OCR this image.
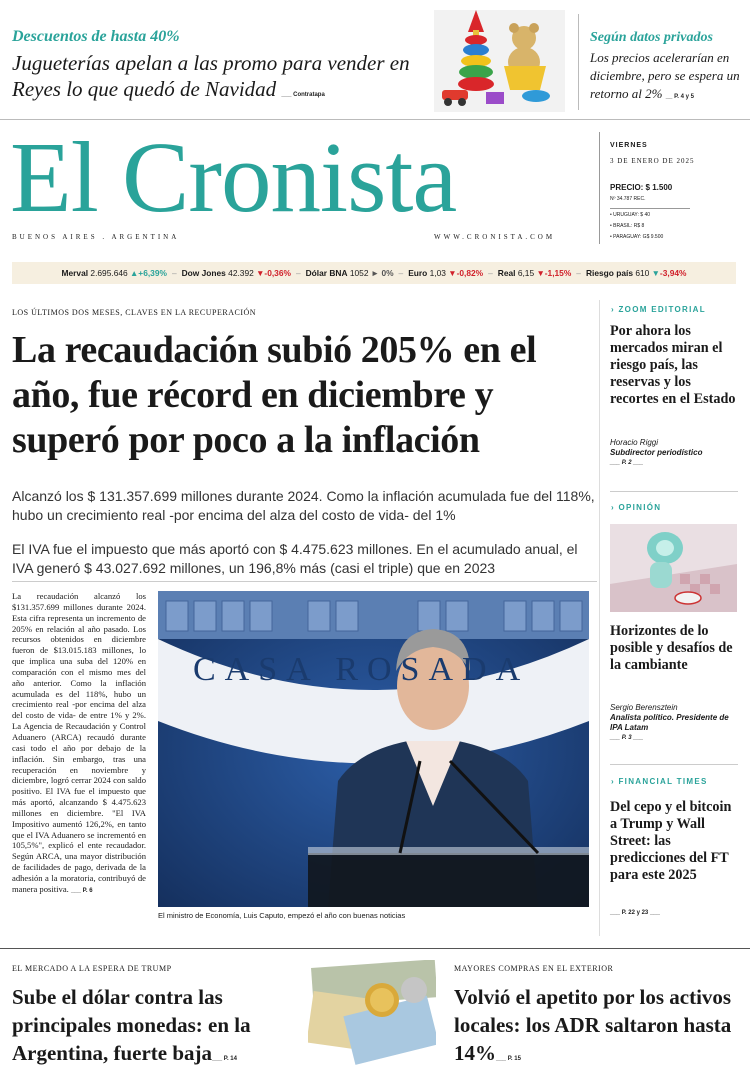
Descuentos de hasta 40%
Jugueterías apelan a las promo para vender en Reyes lo que quedó de Navidad ___ Contratapa
Según datos privados
Los precios acelerarían en diciembre, pero se espera un retorno al 2% __ P. 4 y 5
El Cronista
BUENOS AIRES . ARGENTINA	WWW.CRONISTA.COM
VIERNES
3 DE ENERO DE 2025
PRECIO: $ 1.500
Nº 34.787 REC.
• URUGUAY: $ 40
• BRASIL: R$ 8
• PARAGUAY: G$ 9.500
Merval 2.695.646 ▲+6,39% – Dow Jones 42.392 ▼-0,36% – Dólar BNA 1052 ► 0% – Euro 1,03 ▼-0,82% – Real 6,15 ▼-1,15% – Riesgo país 610 ▼-3,94%
LOS ÚLTIMOS DOS MESES, CLAVES EN LA RECUPERACIÓN
La recaudación subió 205% en el año, fue récord en diciembre y superó por poco a la inflación
Alcanzó los $ 131.357.699 millones durante 2024. Como la inflación acumulada fue del 118%, hubo un crecimiento real -por encima del alza del costo de vida- del 1%
El IVA fue el impuesto que más aportó con $ 4.475.623 millones. En el acumulado anual, el IVA generó $ 43.027.692 millones, un 196,8% más (casi el triple) que en 2023
La recaudación alcanzó los $131.357.699 millones durante 2024. Esta cifra representa un incremento de 205% en relación al año pasado. Los recursos obtenidos en diciembre fueron de $13.015.183 millones, lo que implica una suba del 120% en comparación con el mismo mes del año anterior. Como la inflación acumulada es del 118%, hubo un crecimiento real -por encima del alza del costo de vida- de entre 1% y 2%. La Agencia de Recaudación y Control Aduanero (ARCA) recaudó durante casi todo el año por debajo de la inflación. Sin embargo, tras una recuperación en noviembre y diciembre, logró cerrar 2024 con saldo positivo. El IVA fue el impuesto que más aportó, alcanzando $ 4.475.623 millones en diciembre. "El IVA Impositivo aumentó 126,2%, en tanto que el IVA Aduanero se incrementó en 105,5%", explicó el ente recaudador. Según ARCA, una mayor distribución de facilidades de pago, derivada de la adhesión a la moratoria, contribuyó de manera positiva. ___ P. 6
CASA ROSADA
El ministro de Economía, Luis Caputo, empezó el año con buenas noticias
› ZOOM EDITORIAL
Por ahora los mercados miran el riesgo país, las reservas y los recortes en el Estado
Horacio Riggi
Subdirector periodístico
___ P. 2 ___
› OPINIÓN
Horizontes de lo posible y desafíos de la cambiante
Sergio Berensztein
Analista político. Presidente de IPA Latam
___ P. 3 ___
› FINANCIAL TIMES
Del cepo y el bitcoin a Trump y Wall Street: las predicciones del FT para este 2025
___ P. 22 y 23 ___
EL MERCADO A LA ESPERA DE TRUMP
Sube el dólar contra las principales monedas: en la Argentina, fuerte baja___ P. 14
MAYORES COMPRAS EN EL EXTERIOR
Volvió el apetito por los activos locales: los ADR saltaron hasta 14%___ P. 15
